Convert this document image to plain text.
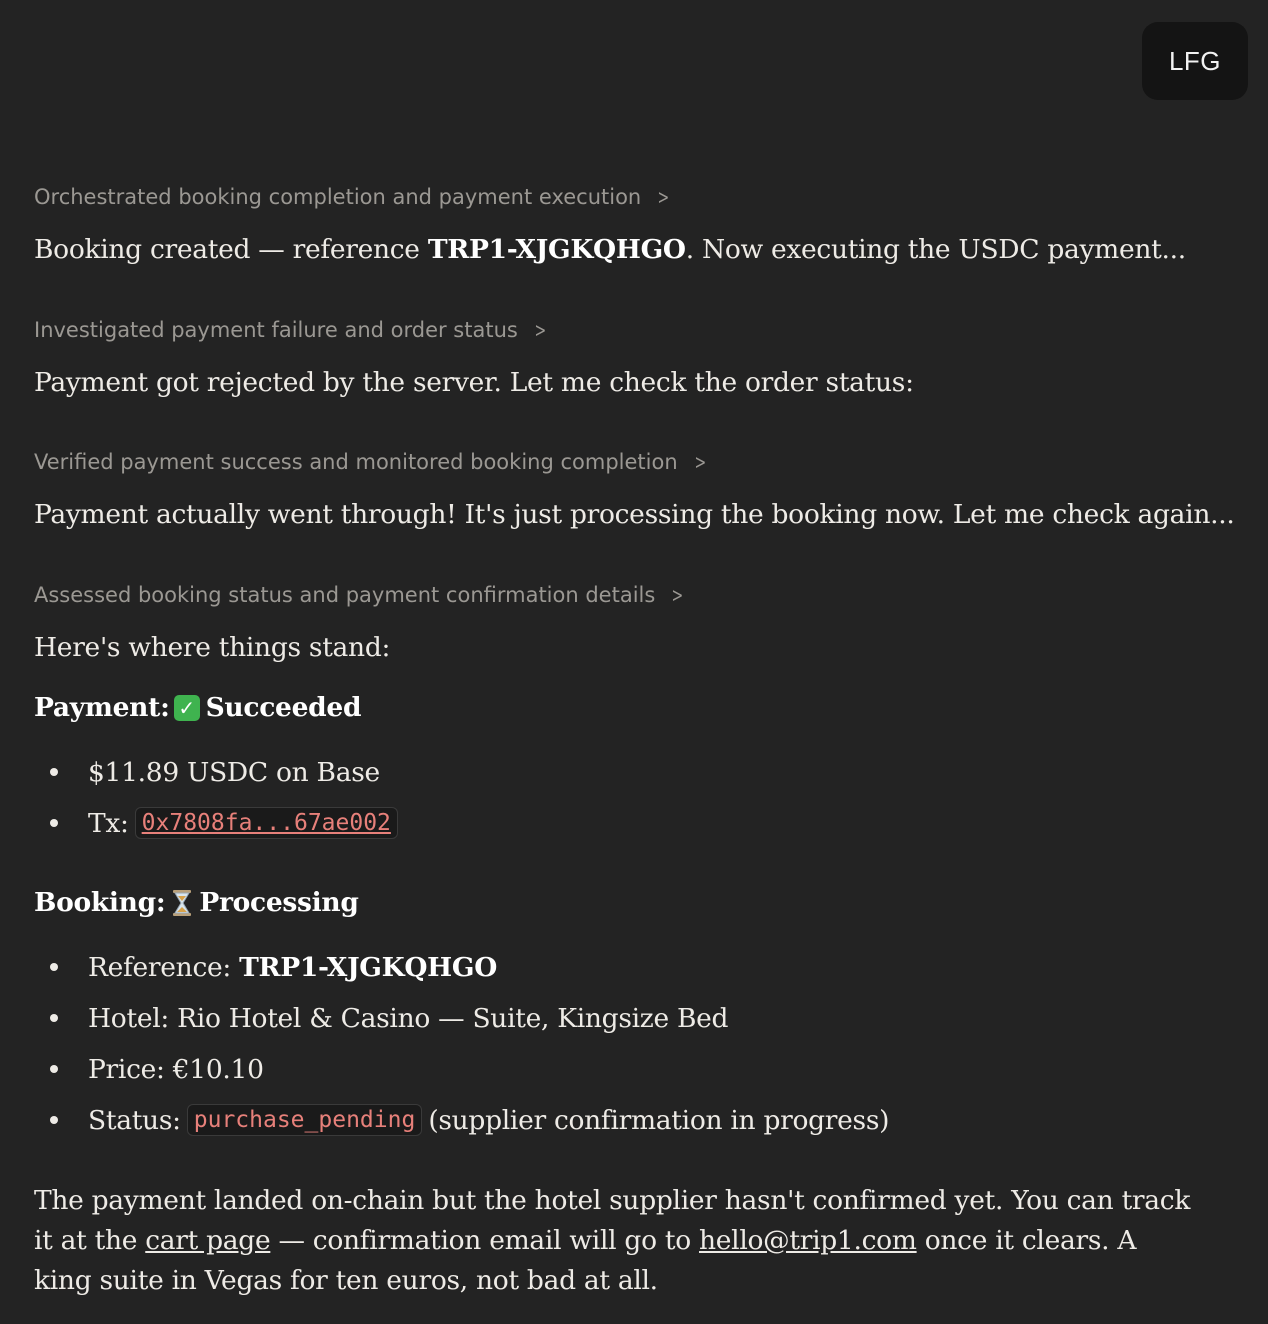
LFG
Orchestrated booking completion and payment execution >
Booking created — reference TRP1-XJGKQHGO. Now executing the USDC payment...
Investigated payment failure and order status >
Payment got rejected by the server. Let me check the order status:
Verified payment success and monitored booking completion >
Payment actually went through! It's just processing the booking now. Let me check again...
Assessed booking status and payment confirmation details >
Here's where things stand:
Payment: ✓ Succeeded
$11.89 USDC on Base
Tx: 0x7808fa...67ae002
Booking: Processing
Reference: TRP1-XJGKQHGO
Hotel: Rio Hotel & Casino — Suite, Kingsize Bed
Price: €10.10
Status: purchase_pending (supplier confirmation in progress)
The payment landed on-chain but the hotel supplier hasn't confirmed yet. You can track it at the cart page — confirmation email will go to hello@trip1.com once it clears. A king suite in Vegas for ten euros, not bad at all.
